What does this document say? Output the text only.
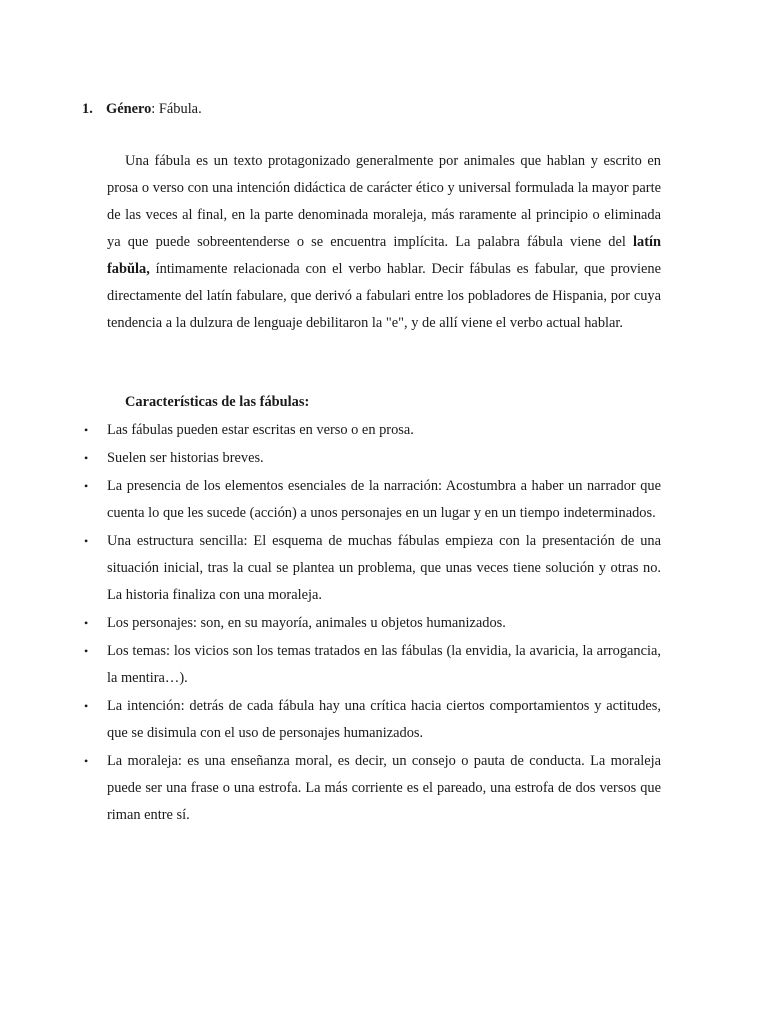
1. Género: Fábula.

Una fábula es un texto protagonizado generalmente por animales que hablan y escrito en prosa o verso con una intención didáctica de carácter ético y universal formulada la mayor parte de las veces al final, en la parte denominada moraleja, más raramente al principio o eliminada ya que puede sobreentenderse o se encuentra implícita. La palabra fábula viene del latín fabŭla, íntimamente relacionada con el verbo hablar. Decir fábulas es fabular, que proviene directamente del latín fabulare, que derivó a fabulari entre los pobladores de Hispania, por cuya tendencia a la dulzura de lenguaje debilitaron la "e", y de allí viene el verbo actual hablar.

Características de las fábulas:
• Las fábulas pueden estar escritas en verso o en prosa.
• Suelen ser historias breves.
• La presencia de los elementos esenciales de la narración: Acostumbra a haber un narrador que cuenta lo que les sucede (acción) a unos personajes en un lugar y en un tiempo indeterminados.
• Una estructura sencilla: El esquema de muchas fábulas empieza con la presentación de una situación inicial, tras la cual se plantea un problema, que unas veces tiene solución y otras no. La historia finaliza con una moraleja.
• Los personajes: son, en su mayoría, animales u objetos humanizados.
• Los temas: los vicios son los temas tratados en las fábulas (la envidia, la avaricia, la arrogancia, la mentira…).
• La intención: detrás de cada fábula hay una crítica hacia ciertos comportamientos y actitudes, que se disimula con el uso de personajes humanizados.
• La moraleja: es una enseñanza moral, es decir, un consejo o pauta de conducta. La moraleja puede ser una frase o una estrofa. La más corriente es el pareado, una estrofa de dos versos que riman entre sí.
